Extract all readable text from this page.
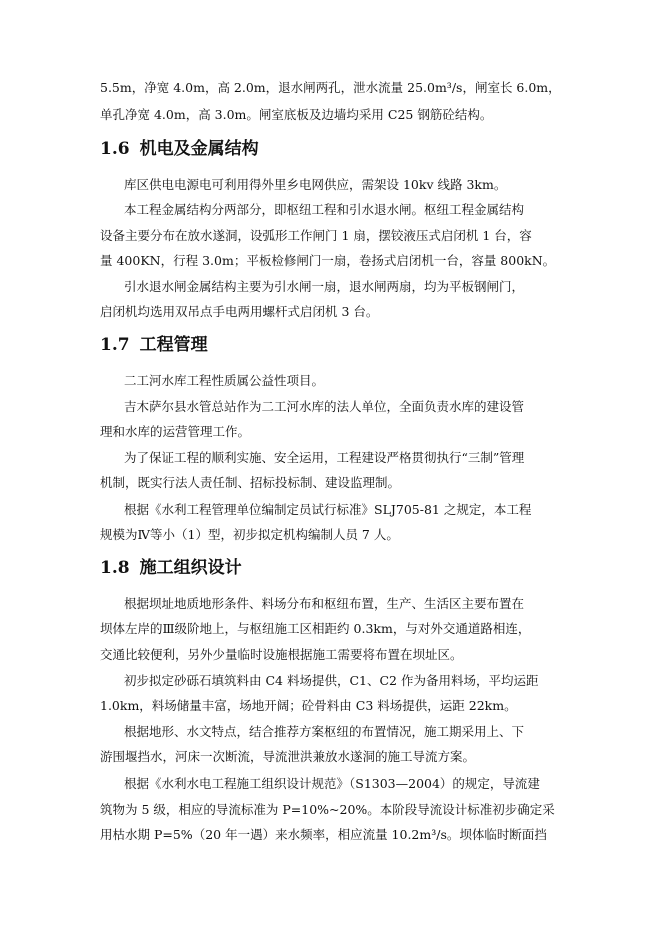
5.5m，净宽 4.0m，高 2.0m，退水闸两孔，泄水流量 25.0m³/s，闸室长 6.0m，
单孔净宽 4.0m，高 3.0m。闸室底板及边墙均采用 C25 钢筋砼结构。
1.6 机电及金属结构
库区供电电源电可利用得外里乡电网供应，需架设 10kv 线路 3km。
本工程金属结构分两部分，即枢纽工程和引水退水闸。枢纽工程金属结构
设备主要分布在放水遂洞，设弧形工作闸门 1 扇，摆铰液压式启闭机 1 台，容
量 400KN，行程 3.0m；平板检修闸门一扇，卷扬式启闭机一台，容量 800kN。
引水退水闸金属结构主要为引水闸一扇，退水闸两扇，均为平板钢闸门，
启闭机均选用双吊点手电两用螺杆式启闭机 3 台。
1.7 工程管理
二工河水库工程性质属公益性项目。
吉木萨尔县水管总站作为二工河水库的法人单位，全面负责水库的建设管
理和水库的运营管理工作。
为了保证工程的顺利实施、安全运用，工程建设严格贯彻执行“三制”管理
机制，既实行法人责任制、招标投标制、建设监理制。
根据《水利工程管理单位编制定员试行标准》SLJ705-81 之规定，本工程
规模为Ⅳ等小（1）型，初步拟定机构编制人员 7 人。
1.8 施工组织设计
根据坝址地质地形条件、料场分布和枢纽布置，生产、生活区主要布置在
坝体左岸的Ⅲ级阶地上，与枢纽施工区相距约 0.3km，与对外交通道路相连，
交通比较便利，另外少量临时设施根据施工需要将布置在坝址区。
初步拟定砂砾石填筑料由 C4 料场提供，C1、C2 作为备用料场，平均运距
1.0km，料场储量丰富，场地开阔；砼骨料由 C3 料场提供，运距 22km。
根据地形、水文特点，结合推荐方案枢纽的布置情况，施工期采用上、下
游围堰挡水，河床一次断流，导流泄洪兼放水遂洞的施工导流方案。
根据《水利水电工程施工组织设计规范》（S1303—2004）的规定，导流建
筑物为 5 级，相应的导流标准为 P=10%~20%。本阶段导流设计标准初步确定采
用枯水期 P=5%（20 年一遇）来水频率，相应流量 10.2m³/s。坝体临时断面挡
